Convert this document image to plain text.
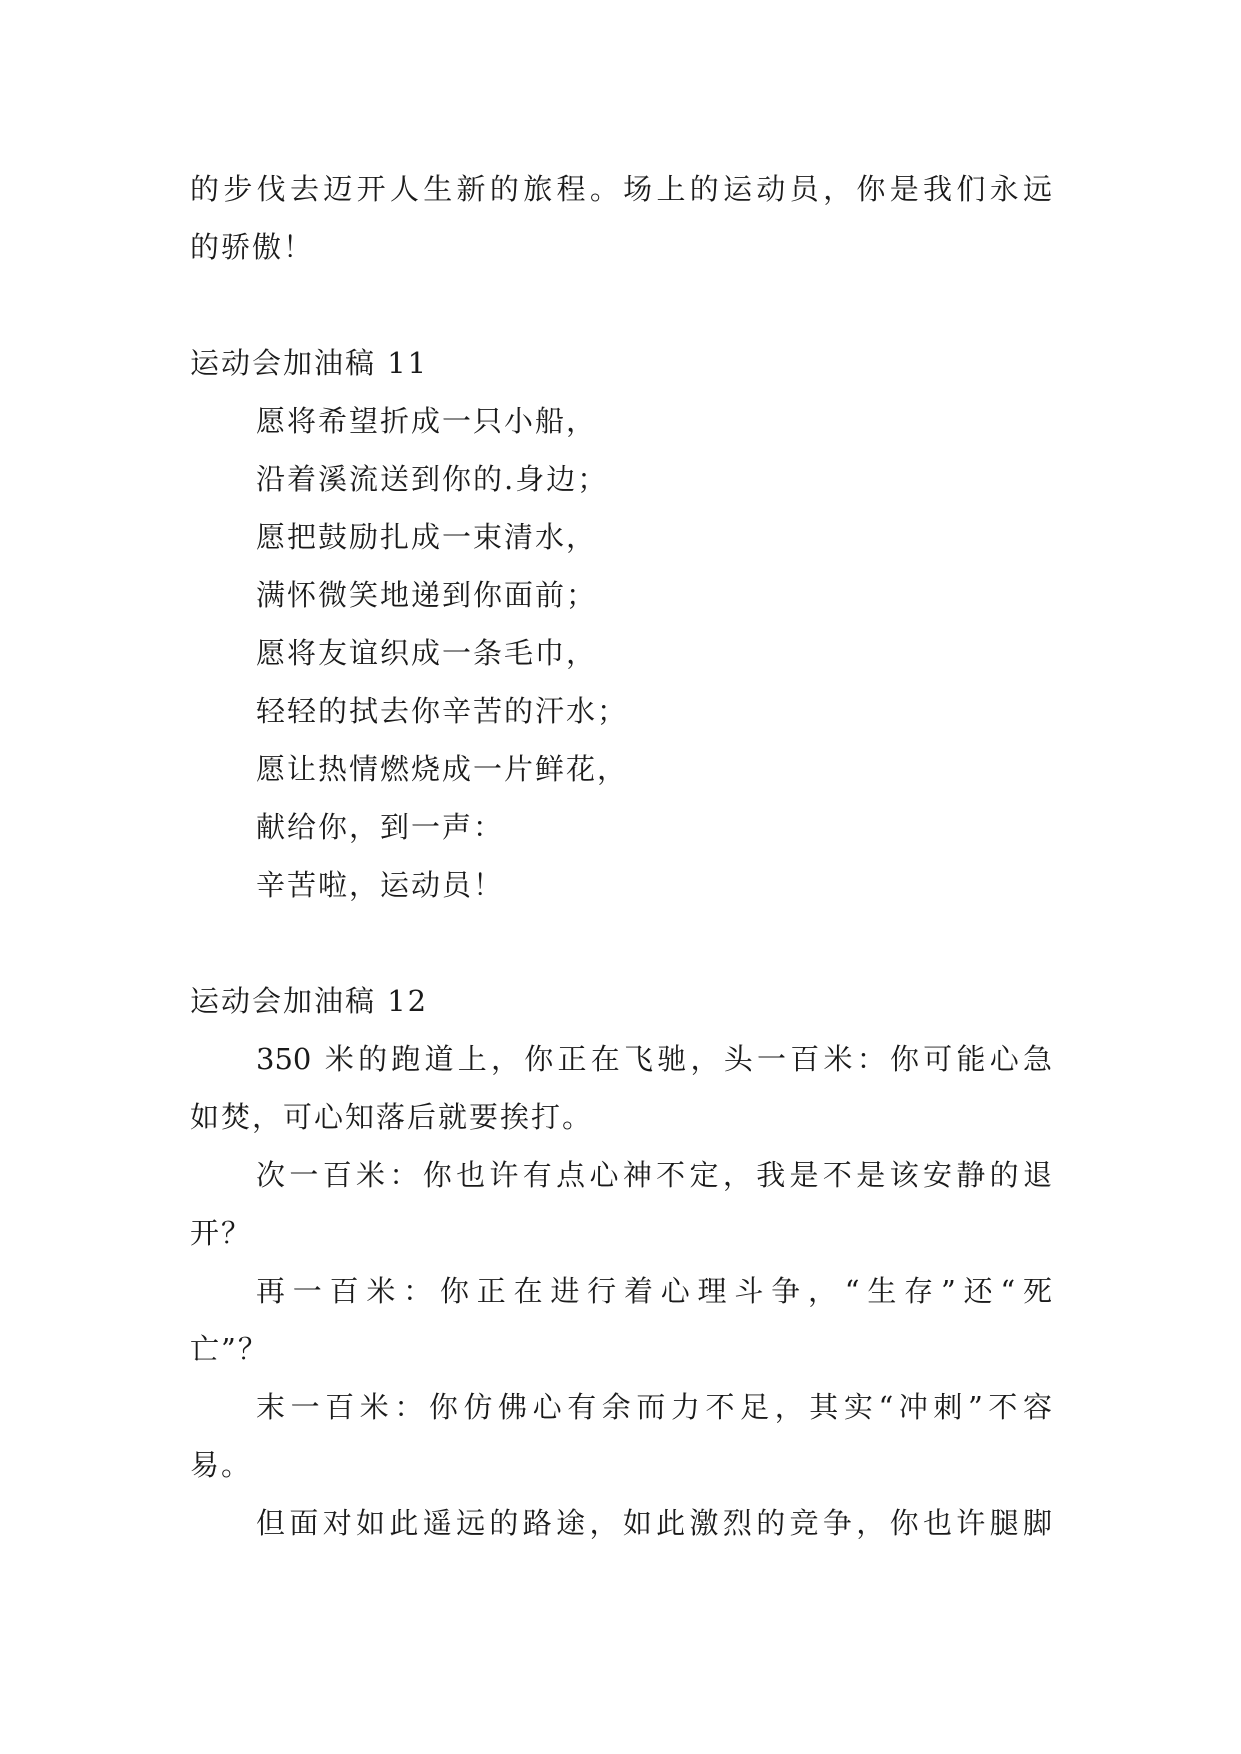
的步伐去迈开人生新的旅程。场上的运动员，你是我们永远
的骄傲！
运动会加油稿 11
愿将希望折成一只小船，
沿着溪流送到你的.身边；
愿把鼓励扎成一束清水，
满怀微笑地递到你面前；
愿将友谊织成一条毛巾，
轻轻的拭去你辛苦的汗水；
愿让热情燃烧成一片鲜花，
献给你，到一声：
辛苦啦，运动员！
运动会加油稿 12
350 米的跑道上，你正在飞驰，头一百米：你可能心急
如焚，可心知落后就要挨打。
次一百米：你也许有点心神不定，我是不是该安静的退
开？
再一百米：你正在进行着心理斗争，“生存”还“死
亡”？
末一百米：你仿佛心有余而力不足，其实“冲刺”不容
易。
但面对如此遥远的路途，如此激烈的竞争，你也许腿脚
